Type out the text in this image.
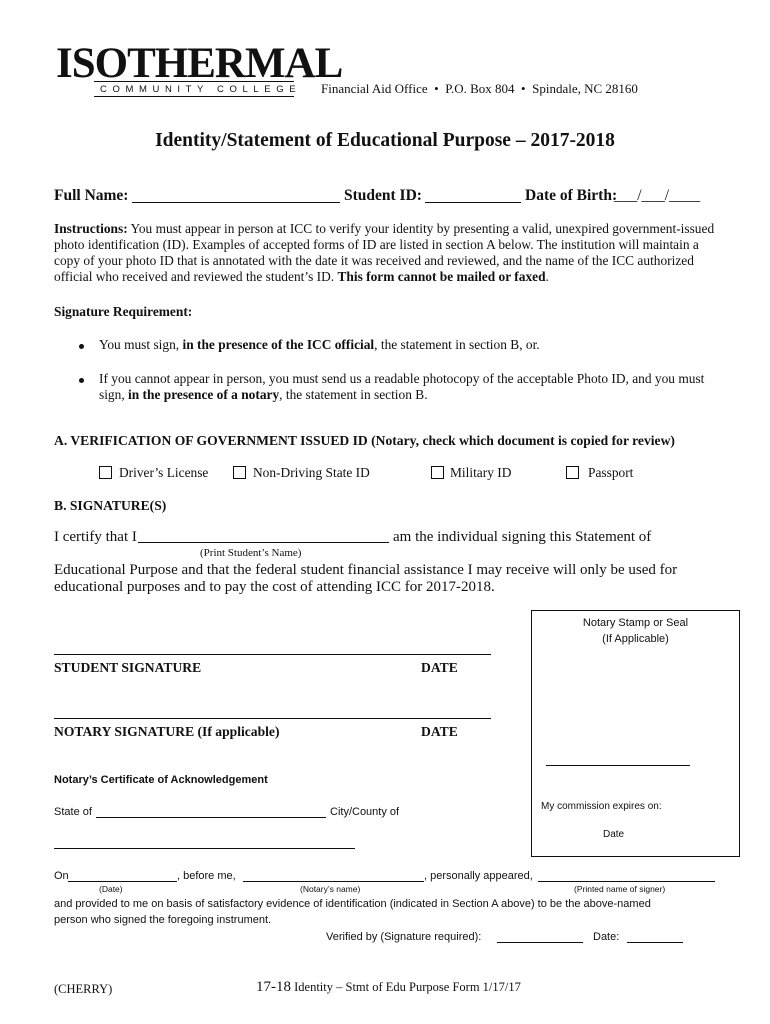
ISOTHERMAL
COMMUNITY COLLEGE Financial Aid Office  •  P.O. Box 804  •  Spindale, NC 28160
Identity/Statement of Educational Purpose – 2017-2018
Full Name:	Student ID:	Date of Birth:
___/___/____
Instructions: You must appear in person at ICC to verify your identity by presenting a valid, unexpired government-issued
photo identification (ID). Examples of accepted forms of ID are listed in section A below. The institution will maintain a
copy of your photo ID that is annotated with the date it was received and reviewed, and the name of the ICC authorized
official who received and reviewed the student’s ID. This form cannot be mailed or faxed.
Signature Requirement:
You must sign, in the presence of the ICC official, the statement in section B, or.
If you cannot appear in person, you must send us a readable photocopy of the acceptable Photo ID, and you must
sign, in the presence of a notary, the statement in section B.
A. VERIFICATION OF GOVERNMENT ISSUED ID (Notary, check which document is copied for review)
Driver’s License	Non-Driving State ID	Military ID	Passport
B. SIGNATURE(S)
I certify that I	am the individual signing this Statement of
(Print Student’s Name)
Educational Purpose and that the federal student financial assistance I may receive will only be used for
educational purposes and to pay the cost of attending ICC for 2017-2018.
STUDENT SIGNATURE	DATE
NOTARY SIGNATURE (If applicable)	DATE
Notary Stamp or Seal
(If Applicable)
My commission expires on:
Date
Notary’s Certificate of Acknowledgement
State of	City/County of
On	, before me,	, personally appeared,
(Date)	(Notary’s name)	(Printed name of signer)
and provided to me on basis of satisfactory evidence of identification (indicated in Section A above) to be the above-named
person who signed the foregoing instrument.
Verified by (Signature required):	Date:
(CHERRY)	17-18 Identity – Stmt of Edu Purpose Form 1/17/17
